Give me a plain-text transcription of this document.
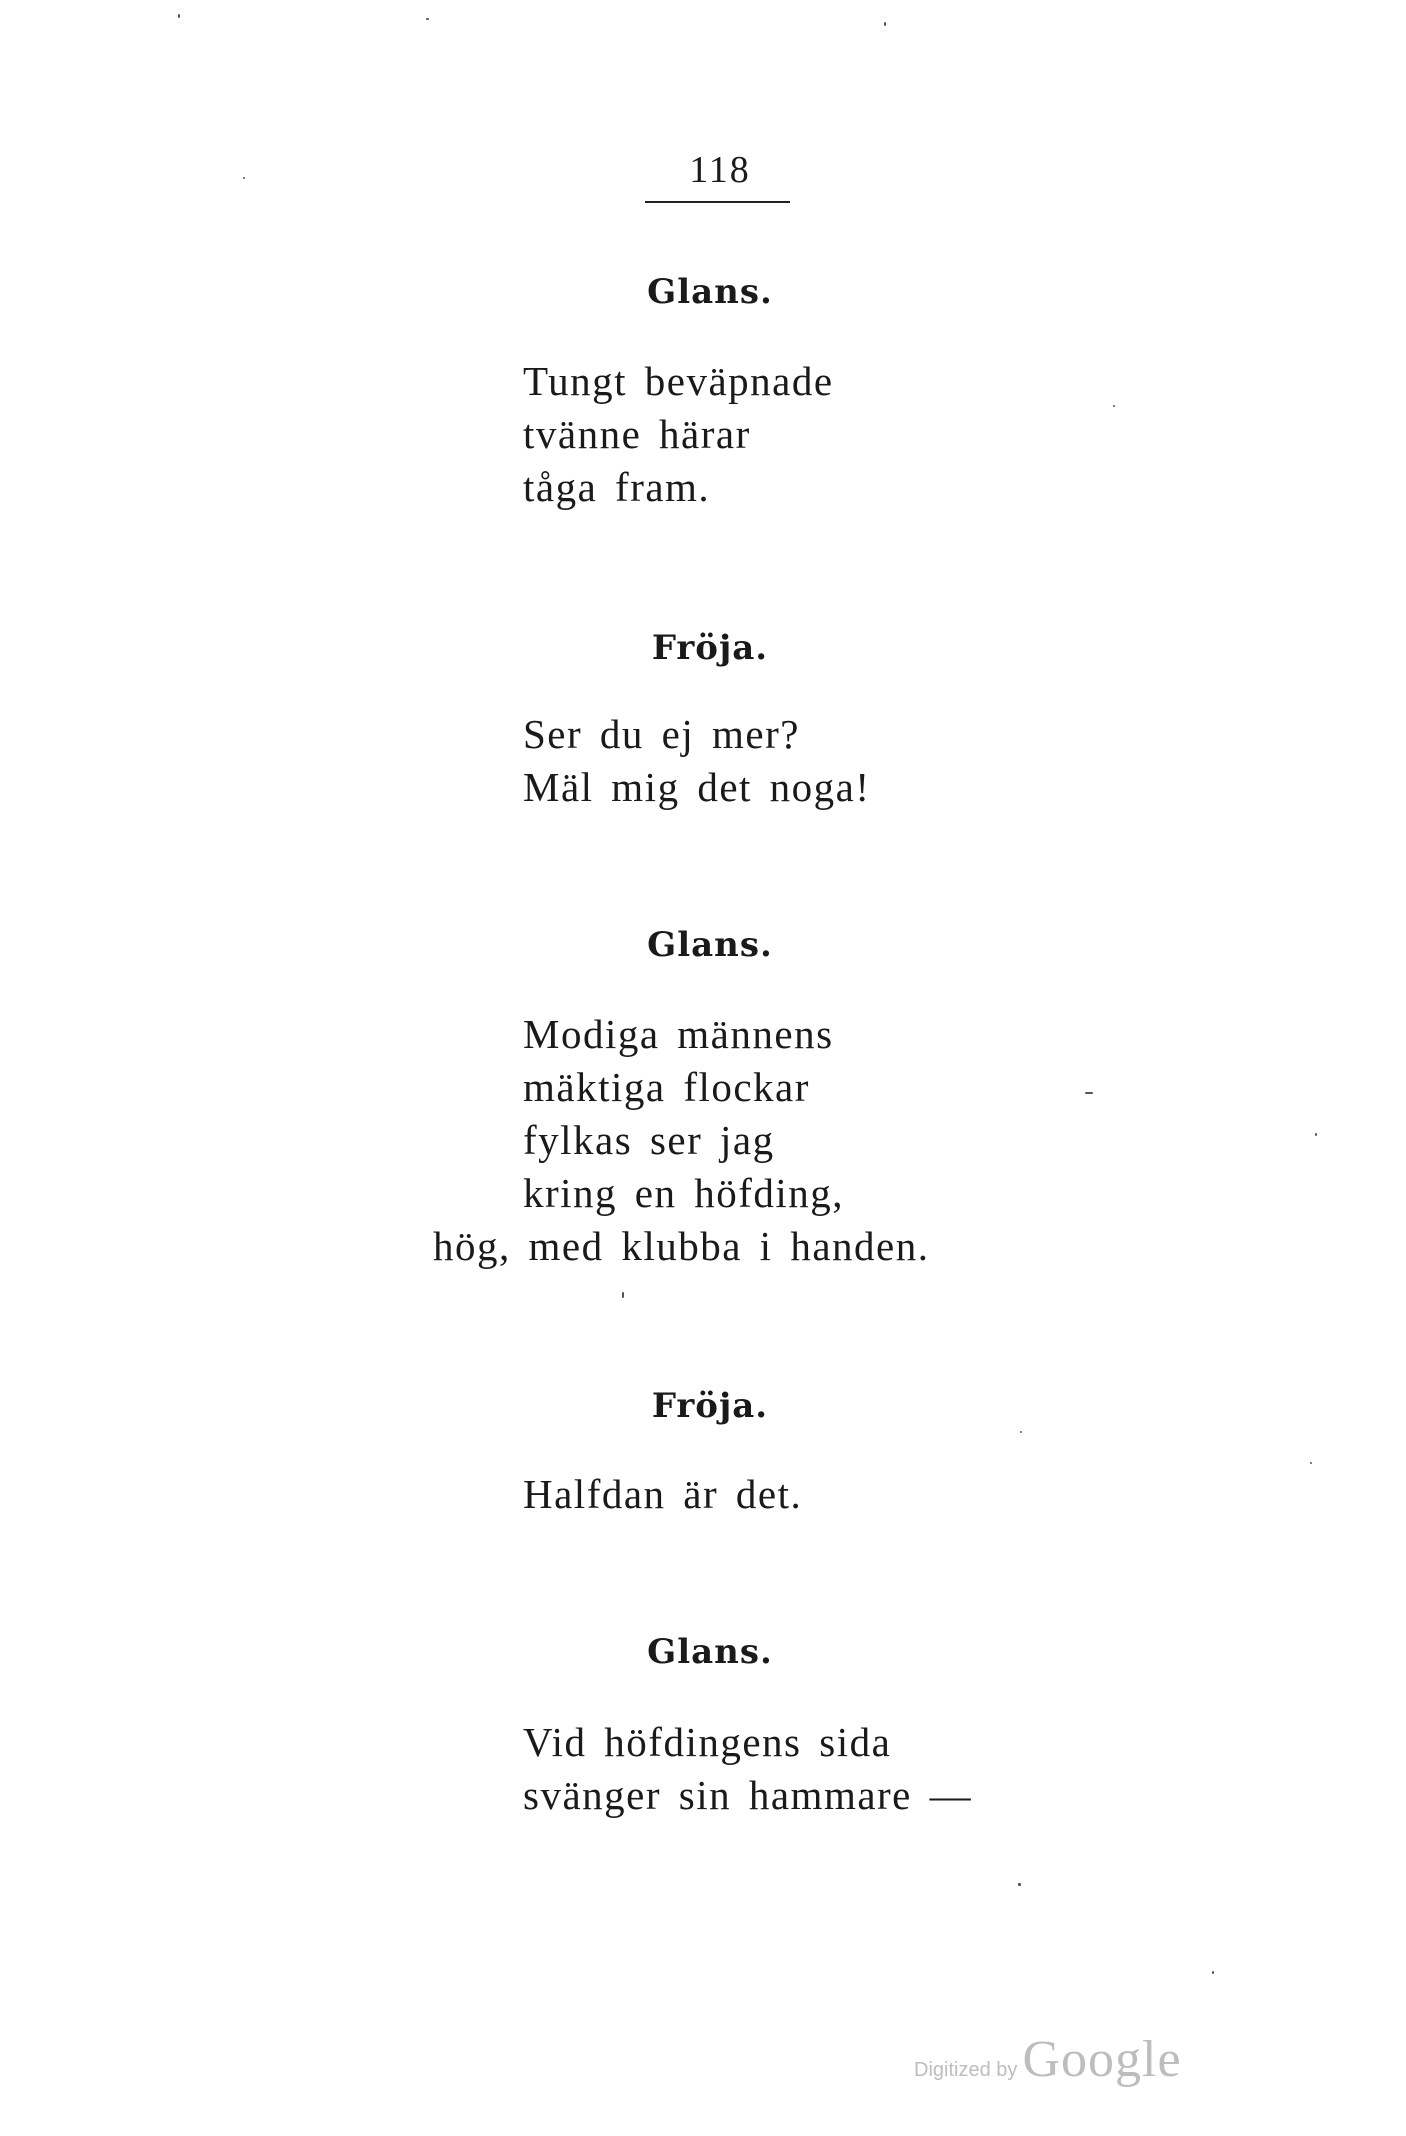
118
Glans.
Tungt beväpnade
tvänne härar
tåga fram.
Fröja.
Ser du ej mer?
Mäl mig det noga!
Glans.
Modiga männens
mäktiga flockar
fylkas ser jag
kring en höfding,
hög, med klubba i handen.
Fröja.
Halfdan är det.
Glans.
Vid höfdingens sida
svänger sin hammare —
Digitized by Google
